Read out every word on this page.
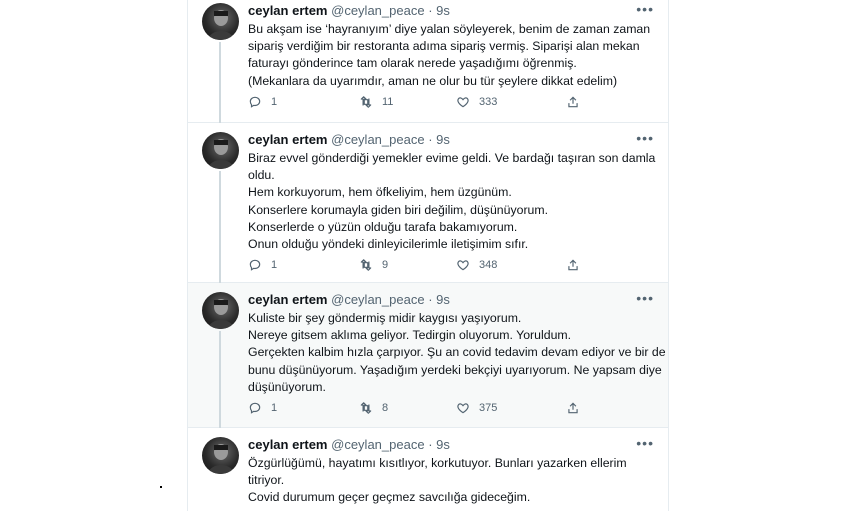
ceylan ertem @ceylan_peace · 9s	•••
Bu akşam ise ‘hayranıyım’ diye yalan söyleyerek, benim de zaman zaman
sipariş verdiğim bir restoranta adıma sipariş vermiş. Siparişi alan mekan
faturayı gönderince tam olarak nerede yaşadığımı öğrenmiş.
(Mekanlara da uyarımdır, aman ne olur bu tür şeylere dikkat edelim)
1	11	333
ceylan ertem @ceylan_peace · 9s	•••
Biraz evvel gönderdiği yemekler evime geldi. Ve bardağı taşıran son damla
oldu.
Hem korkuyorum, hem öfkeliyim, hem üzgünüm.
Konserlere korumayla giden biri değilim, düşünüyorum.
Konserlerde o yüzün olduğu tarafa bakamıyorum.
Onun olduğu yöndeki dinleyicilerimle iletişimim sıfır.
1	9	348
ceylan ertem @ceylan_peace · 9s	•••
Kuliste bir şey göndermiş midir kaygısı yaşıyorum.
Nereye gitsem aklıma geliyor. Tedirgin oluyorum. Yoruldum.
Gerçekten kalbim hızla çarpıyor. Şu an covid tedavim devam ediyor ve bir de
bunu düşünüyorum. Yaşadığım yerdeki bekçiyi uyarıyorum. Ne yapsam diye
düşünüyorum.
1	8	375
ceylan ertem @ceylan_peace · 9s	•••
Özgürlüğümü, hayatımı kısıtlıyor, korkutuyor. Bunları yazarken ellerim
titriyor.
Covid durumum geçer geçmez savcılığa gideceğim.
